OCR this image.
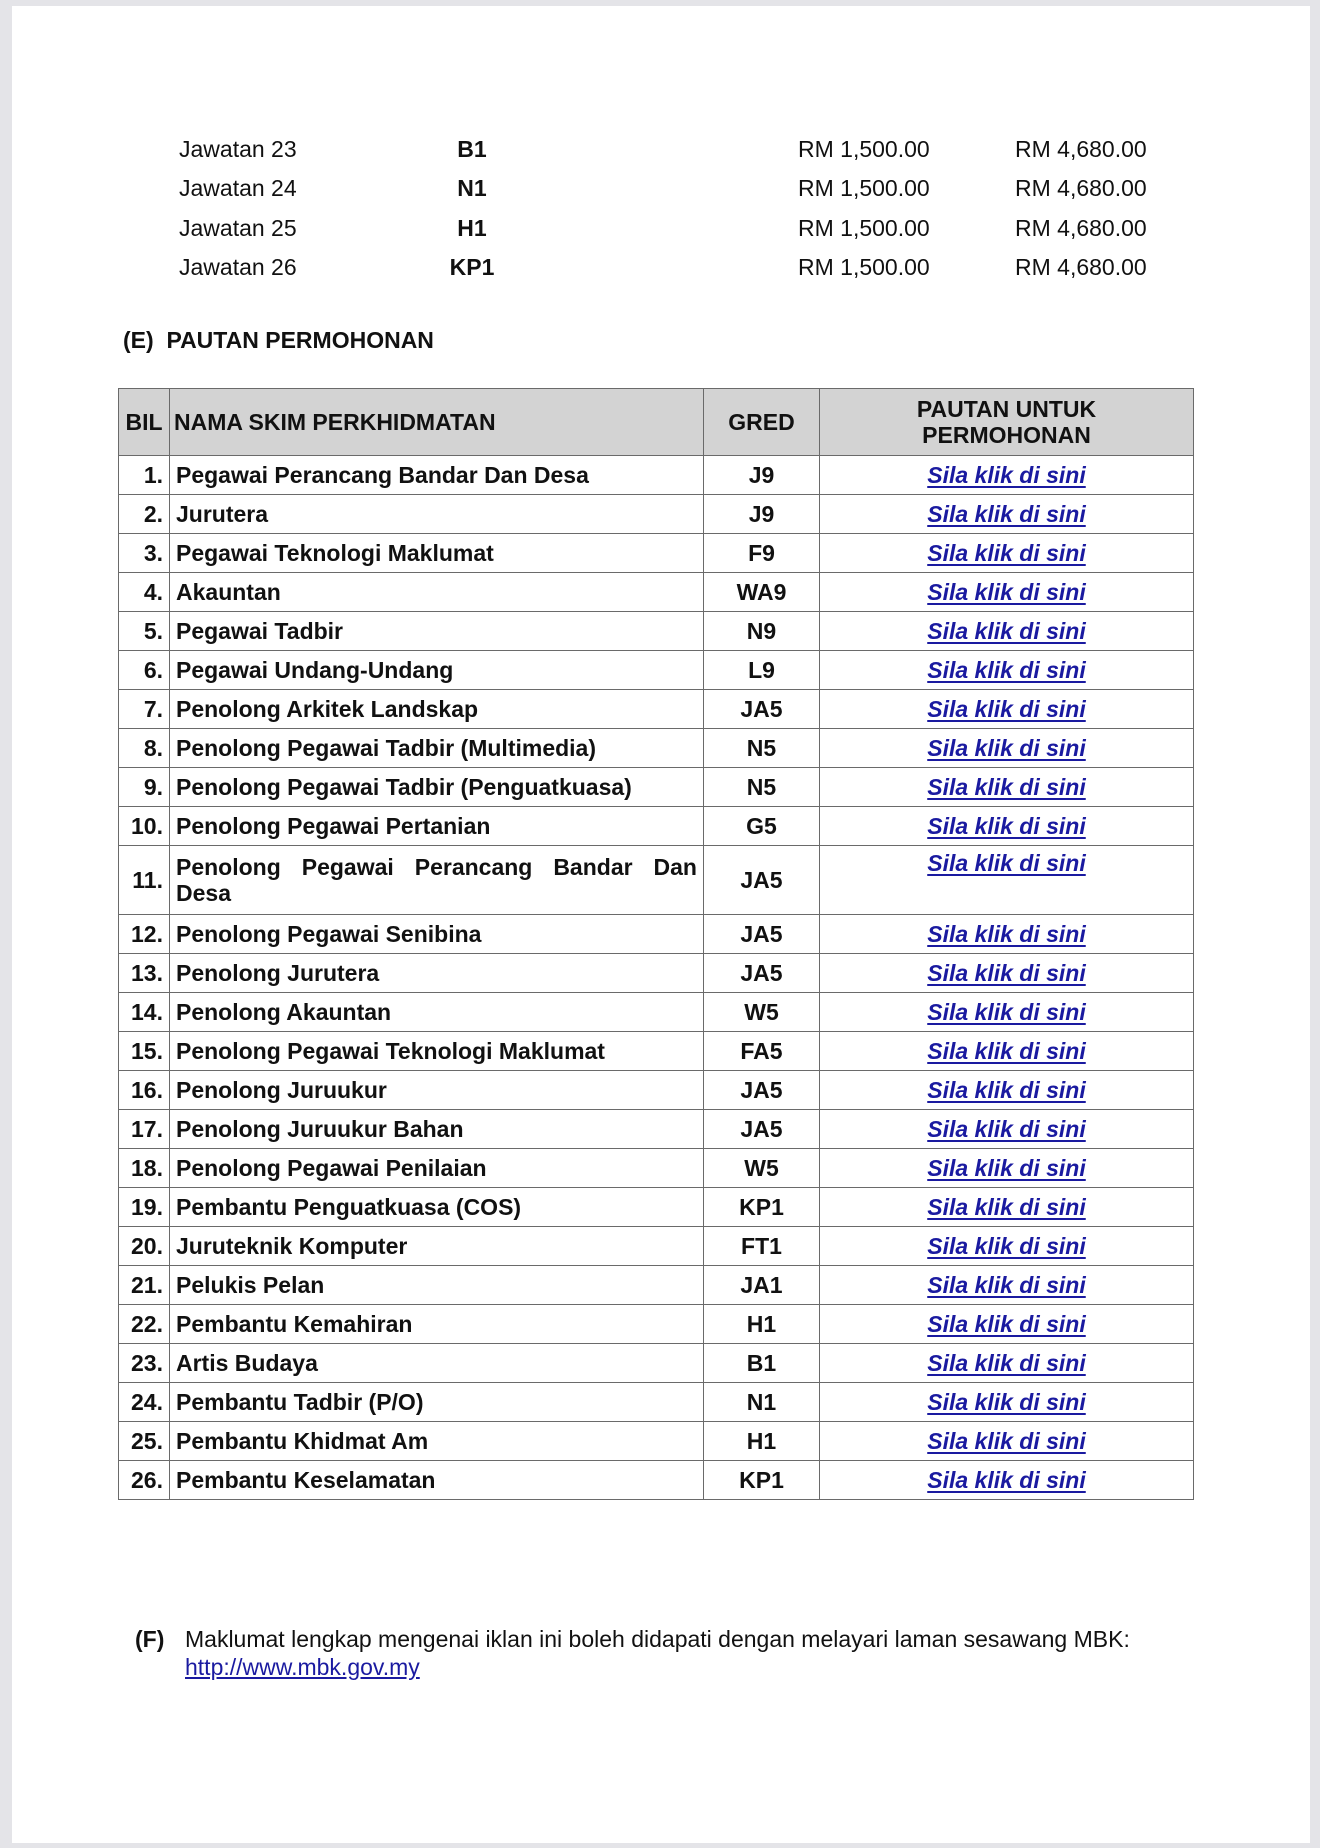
Jawatan 23	B1	RM 1,500.00	RM 4,680.00
Jawatan 24	N1	RM 1,500.00	RM 4,680.00
Jawatan 25	H1	RM 1,500.00	RM 4,680.00
Jawatan 26	KP1	RM 1,500.00	RM 4,680.00
(E)  PAUTAN PERMOHONAN
BIL	NAMA SKIM PERKHIDMATAN	GRED	PAUTAN UNTUK
PERMOHONAN
1.	Pegawai Perancang Bandar Dan Desa	J9	Sila klik di sini
2.	Jurutera	J9	Sila klik di sini
3.	Pegawai Teknologi Maklumat	F9	Sila klik di sini
4.	Akauntan	WA9	Sila klik di sini
5.	Pegawai Tadbir	N9	Sila klik di sini
6.	Pegawai Undang-Undang	L9	Sila klik di sini
7.	Penolong Arkitek Landskap	JA5	Sila klik di sini
8.	Penolong Pegawai Tadbir (Multimedia)	N5	Sila klik di sini
9.	Penolong Pegawai Tadbir (Penguatkuasa)	N5	Sila klik di sini
10.	Penolong Pegawai Pertanian	G5	Sila klik di sini
11.	Penolong Pegawai Perancang Bandar Dan Desa	JA5	Sila klik di sini
12.	Penolong Pegawai Senibina	JA5	Sila klik di sini
13.	Penolong Jurutera	JA5	Sila klik di sini
14.	Penolong Akauntan	W5	Sila klik di sini
15.	Penolong Pegawai Teknologi Maklumat	FA5	Sila klik di sini
16.	Penolong Juruukur	JA5	Sila klik di sini
17.	Penolong Juruukur Bahan	JA5	Sila klik di sini
18.	Penolong Pegawai Penilaian	W5	Sila klik di sini
19.	Pembantu Penguatkuasa (COS)	KP1	Sila klik di sini
20.	Juruteknik Komputer	FT1	Sila klik di sini
21.	Pelukis Pelan	JA1	Sila klik di sini
22.	Pembantu Kemahiran	H1	Sila klik di sini
23.	Artis Budaya	B1	Sila klik di sini
24.	Pembantu Tadbir (P/O)	N1	Sila klik di sini
25.	Pembantu Khidmat Am	H1	Sila klik di sini
26.	Pembantu Keselamatan	KP1	Sila klik di sini
(F) Maklumat lengkap mengenai iklan ini boleh didapati dengan melayari laman sesawang MBK:
http://www.mbk.gov.my
